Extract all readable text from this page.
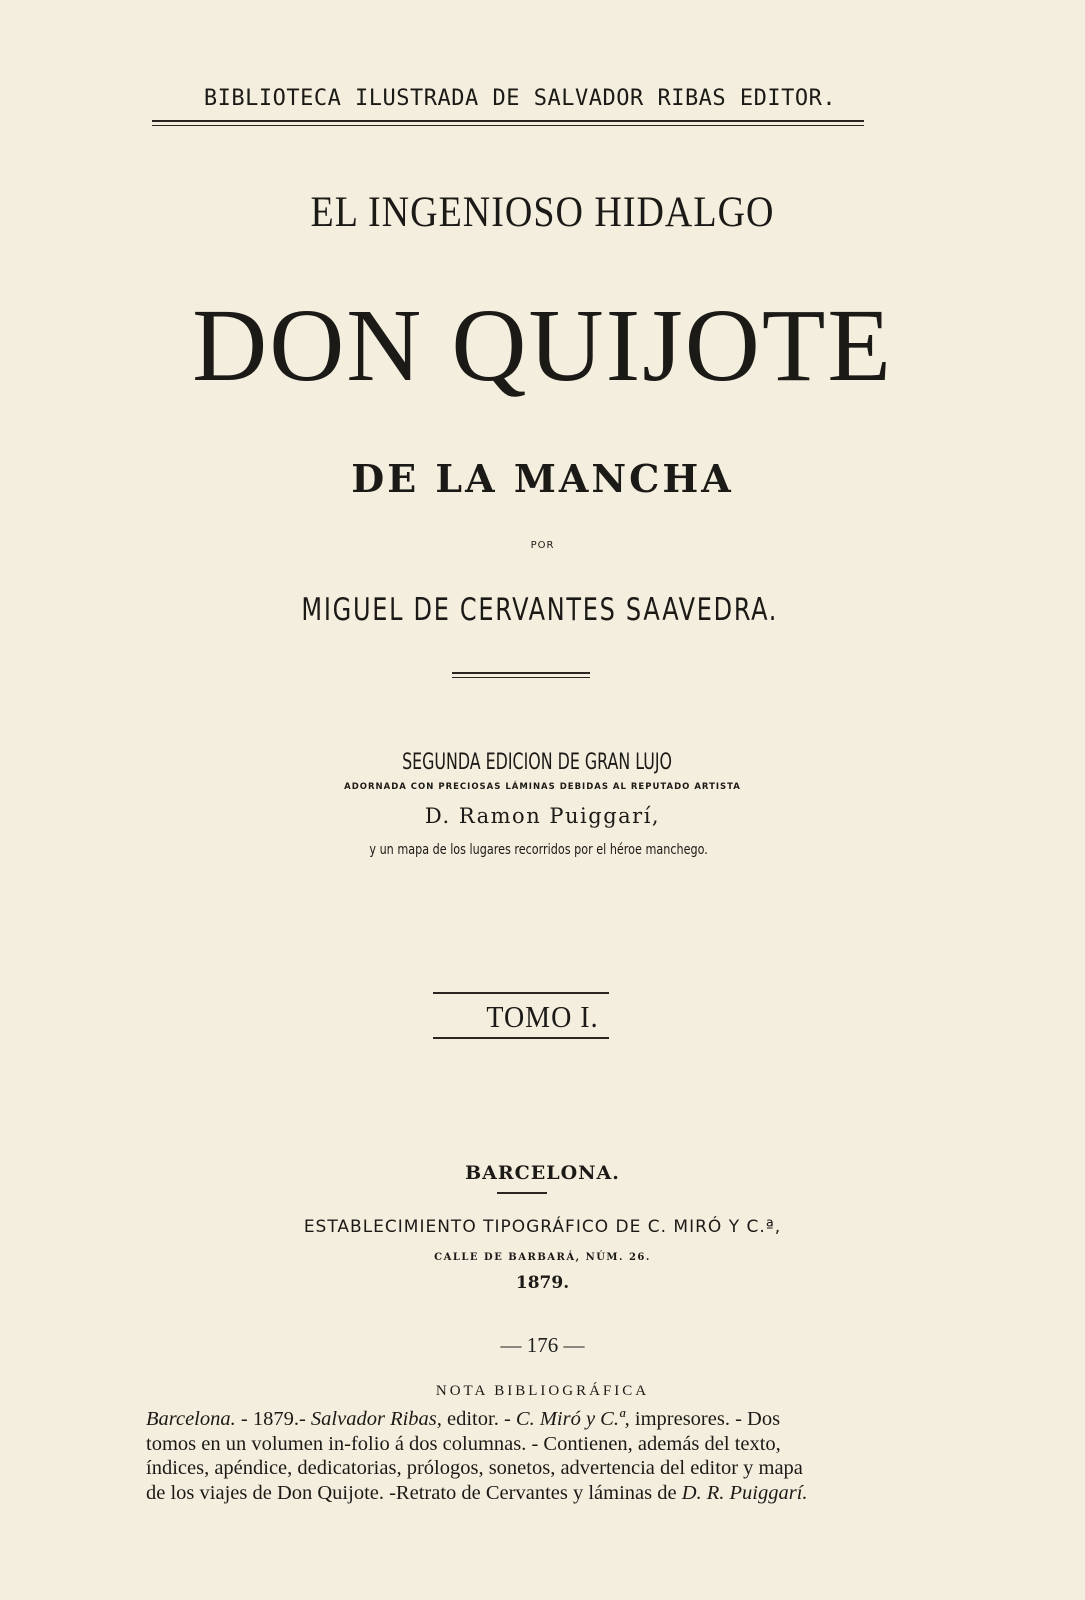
BIBLIOTECA ILUSTRADA DE SALVADOR RIBAS EDITOR.
EL INGENIOSO HIDALGO
DON QUIJOTE
DE LA MANCHA
POR
MIGUEL DE CERVANTES SAAVEDRA.
SEGUNDA EDICION DE GRAN LUJO
ADORNADA CON PRECIOSAS LÁMINAS DEBIDAS AL REPUTADO ARTISTA
D. Ramon Puiggarí,
y un mapa de los lugares recorridos por el héroe manchego.
TOMO I.
BARCELONA.
ESTABLECIMIENTO TIPOGRÁFICO DE C. MIRÓ Y C.ª,
CALLE DE BARBARÁ, NÚM. 26.
1879.
— 176 —
NOTA BIBLIOGRÁFICA
Barcelona. - 1879.- Salvador Ribas, editor. - C. Miró y C.ª, impresores. - Dos
tomos en un volumen in-folio á dos columnas. - Contienen, además del texto,
índices, apéndice, dedicatorias, prólogos, sonetos, advertencia del editor y mapa
de los viajes de Don Quijote. -Retrato de Cervantes y láminas de D. R. Puiggarí.
